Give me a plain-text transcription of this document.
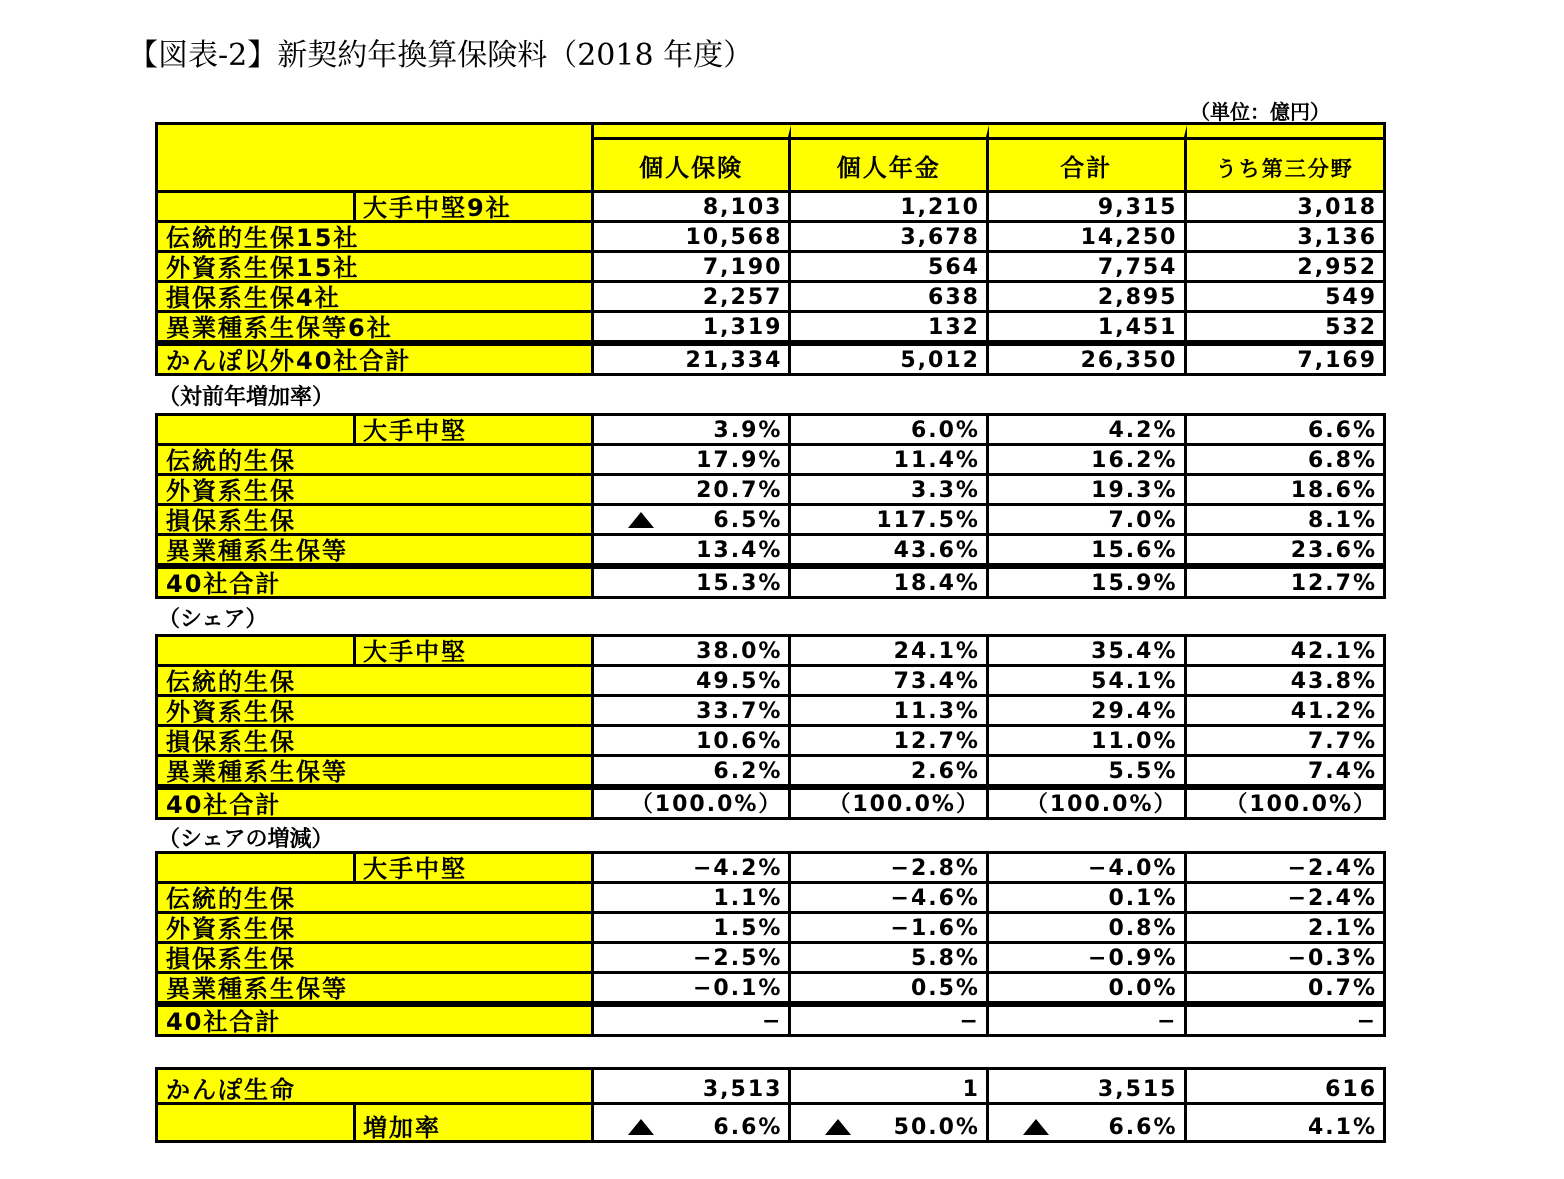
【図表-2】新契約年換算保険料（2018 年度）
（単位：億円）
個人保険	個人年金	合計	うち第三分野
大手中堅9社	8,103	1,210	9,315	3,018
伝統的生保15社	10,568	3,678	14,250	3,136
外資系生保15社	7,190	564	7,754	2,952
損保系生保4社	2,257	638	2,895	549
異業種系生保等6社	1,319	132	1,451	532
かんぽ以外40社合計	21,334	5,012	26,350	7,169
（対前年増加率）
大手中堅	3.9%	6.0%	4.2%	6.6%
伝統的生保	17.9%	11.4%	16.2%	6.8%
外資系生保	20.7%	3.3%	19.3%	18.6%
損保系生保	6.5%	117.5%	7.0%	8.1%
異業種系生保等	13.4%	43.6%	15.6%	23.6%
40社合計	15.3%	18.4%	15.9%	12.7%
（シェア）
大手中堅	38.0%	24.1%	35.4%	42.1%
伝統的生保	49.5%	73.4%	54.1%	43.8%
外資系生保	33.7%	11.3%	29.4%	41.2%
損保系生保	10.6%	12.7%	11.0%	7.7%
異業種系生保等	6.2%	2.6%	5.5%	7.4%
40社合計	（100.0%） （100.0%） （100.0%） （100.0%）
（シェアの増減）
大手中堅	−4.2%	−2.8%	−4.0%	−2.4%
伝統的生保	1.1%	−4.6%	0.1%	−2.4%
外資系生保	1.5%	−1.6%	0.8%	2.1%
損保系生保	−2.5%	5.8%	−0.9%	−0.3%
異業種系生保等	−0.1%	0.5%	0.0%	0.7%
40社合計	−	−	−	−
かんぽ生命	3,513	1	3,515	616
増加率	6.6%	50.0%	6.6%	4.1%
